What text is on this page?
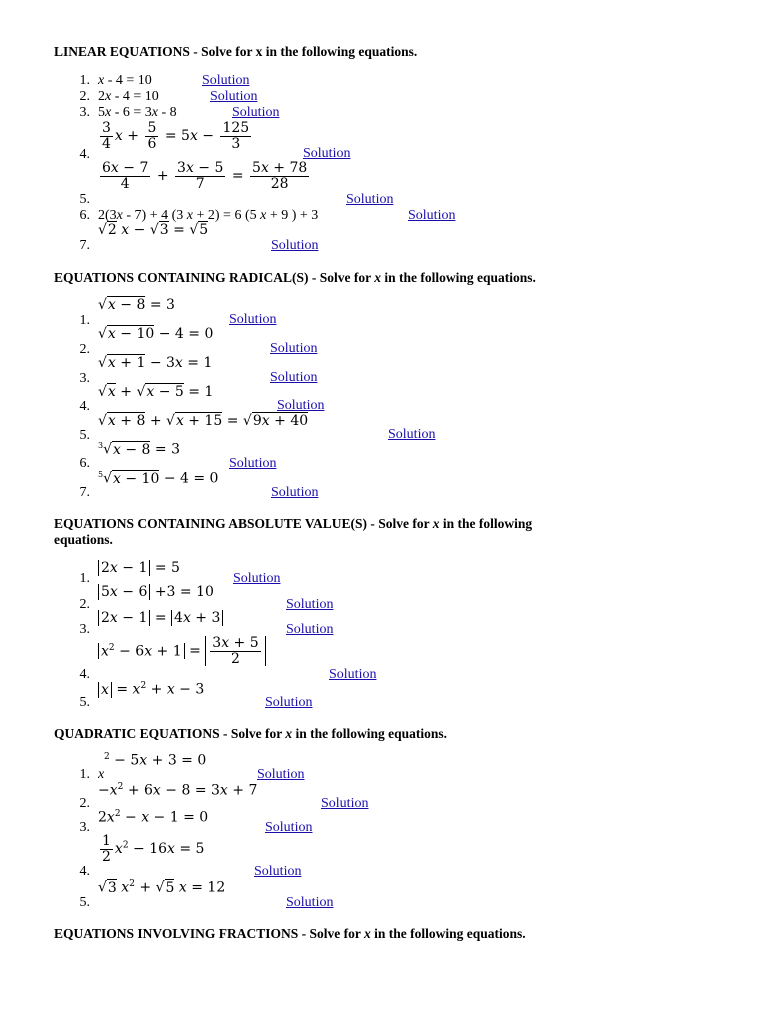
LINEAR EQUATIONS - Solve for x in the following equations.
1. x - 4 = 10	Solution
2. 2x - 4 = 10	Solution
3. 5x - 6 = 3x - 8	Solution
$\frac{3}{4}$ $x + \frac{5}{6} = 5x - \frac{125}{3}$
4.	Solution
$\frac{6x - 7}{4} + \frac{3x - 5}{7} = \frac{5x + 78}{28}$
5.	Solution
6. 2(3x - 7) + 4 (3 x + 2) = 6 (5 x + 9 ) + 3	Solution
√2 x − √3 = √5
7.	Solution
EQUATIONS CONTAINING RADICAL(S) - Solve for x in the following equations.
√x − 8 = 3
1.	Solution
√x − 10 − 4 = 0
2.	Solution
√x + 1 − 3x = 1
3.	Solution
√x + √x − 5 = 1
4.	Solution
√x + 8 + √x + 15 = √9x + 40
5.	Solution
$^3$√x − 8 = 3
6.	Solution
$^5$√x − 10 − 4 = 0
7.	Solution
EQUATIONS CONTAINING ABSOLUTE VALUE(S) - Solve for x in the following
equations.
2x − 1 = 5
1.	Solution
5x − 6 +3 = 10
2.	Solution
2x − 1 = 4x + 3
3.	Solution
$x^2 - 6x + 1 = \frac{3x + 5}{2}$
4.	Solution
$x = x^2 + x - 3$
5.	Solution
QUADRATIC EQUATIONS - Solve for x in the following equations.
$^2$ − 5x + 3 = 0
1. x	Solution
$-x^2 + 6x - 8 = 3x + 7$
2.	Solution
$2x^2 - x - 1 = 0$
3.	Solution
$\frac{1}{2} x^2 - 16x = 5$
4.	Solution
√3 $x^2 + √5$ x = 12
5.	Solution
EQUATIONS INVOLVING FRACTIONS - Solve for x in the following equations.
